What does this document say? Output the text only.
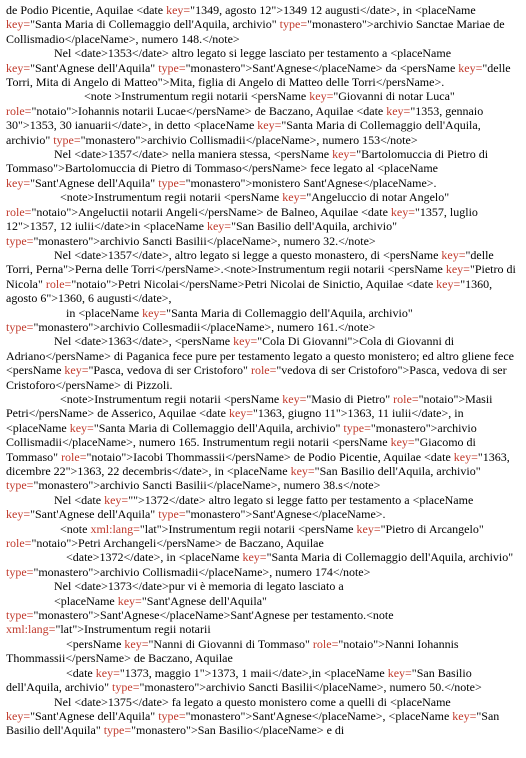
de Podio Picentie, Aquilae <date key="1349, agosto 12">1349 12 augusti</date>, in <placeName key="Santa Maria di Collemaggio dell'Aquila, archivio" type="monastero">archivio Sanctae Mariae de Collismadio</placeName>, numero 148.</note>
Nel <date>1353</date> altro legato si legge lasciato per testamento a <placeName key="Sant'Agnese dell'Aquila" type="monastero">Sant'Agnese</placeName> da <persName key="delle Torri, Mita di Angelo di Matteo">Mita, figlia di Angelo di Matteo delle Torri</persName>.
<note >Instrumentum regii notarii <persName key="Giovanni di notar Luca" role="notaio">Iohannis notarii Lucae</persName> de Baczano, Aquilae <date key="1353, gennaio 30">1353, 30 ianuarii</date>, in detto <placeName key="Santa Maria di Collemaggio dell'Aquila, archivio" type="monastero">archivio Collismadii</placeName>, numero 153</note>
Nel <date>1357</date> nella maniera stessa, <persName key="Bartolomuccia di Pietro di Tommaso">Bartolomuccia di Pietro di Tommaso</persName> fece legato al <placeName key="Sant'Agnese dell'Aquila" type="monastero">monistero Sant'Agnese</placeName>.
<note>Instrumentum regii notarii <persName key="Angeluccio di notar Angelo" role="notaio">Angeluctii notarii Angeli</persName> de Balneo, Aquilae <date key="1357, luglio 12">1357, 12 iulii</date>in <placeName key="San Basilio dell'Aquila, archivio" type="monastero">archivio Sancti Basilii</placeName>, numero 32.</note>
Nel <date>1357</date>, altro legato si legge a questo monastero, di <persName key="delle Torri, Perna">Perna delle Torri</persName>.<note>Instrumentum regii notarii <persName key="Pietro di Nicola" role="notaio">Petri Nicolai</persName>Petri Nicolai de Sinictio, Aquilae <date key="1360, agosto 6">1360, 6 augusti</date>,
in <placeName key="Santa Maria di Collemaggio dell'Aquila, archivio" type="monastero">archivio Collesmadii</placeName>, numero 161.</note>
Nel <date>1363</date>, <persName key="Cola Di Giovanni">Cola di Giovanni di Adriano</persName> di Paganica fece pure per testamento legato a questo monistero; ed altro gliene fece <persName key="Pasca, vedova di ser Cristoforo" role="vedova di ser Cristoforo">Pasca, vedova di ser Cristoforo</persName> di Pizzoli.
<note>Instrumentum regii notarii <persName key="Masio di Pietro" role="notaio">Masii Petri</persName> de Asserico, Aquilae <date key="1363, giugno 11">1363, 11 iulii</date>, in <placeName key="Santa Maria di Collemaggio dell'Aquila, archivio" type="monastero">archivio Collismadii</placeName>, numero 165. Instrumentum regii notarii <persName key="Giacomo di Tommaso" role="notaio">Iacobi Thommassii</persName> de Podio Picentie, Aquilae <date key="1363, dicembre 22">1363, 22 decembris</date>, in <placeName key="San Basilio dell'Aquila, archivio" type="monastero">archivio Sancti Basilii</placeName>, numero 38.s</note>
Nel <date key="">1372</date> altro legato si legge fatto per testamento a <placeName key="Sant'Agnese dell'Aquila" type="monastero">Sant'Agnese</placeName>.
<note xml:lang="lat">Instrumentum regii notarii <persName key="Pietro di Arcangelo" role="notaio">Petri Archangeli</persName> de Baczano, Aquilae
<date>1372</date>, in <placeName key="Santa Maria di Collemaggio dell'Aquila, archivio" type="monastero">archivio Collismadii</placeName>, numero 174</note>
Nel <date>1373</date>pur vi è memoria di legato lasciato a
<placeName key="Sant'Agnese dell'Aquila" type="monastero">Sant'Agnese</placeName>Sant'Agnese per testamento.<note xml:lang="lat">Instrumentum regii notarii
<persName key="Nanni di Giovanni di Tommaso" role="notaio">Nanni Iohannis Thommassii</persName> de Baczano, Aquilae
<date key="1373, maggio 1">1373, 1 maii</date>,in <placeName key="San Basilio dell'Aquila, archivio" type="monastero">archivio Sancti Basilii</placeName>, numero 50.</note>
Nel <date>1375</date> fa legato a questo monistero come a quelli di <placeName key="Sant'Agnese dell'Aquila" type="monastero">Sant'Agnese</placeName>, <placeName key="San Basilio dell'Aquila" type="monastero">San Basilio</placeName> e di
